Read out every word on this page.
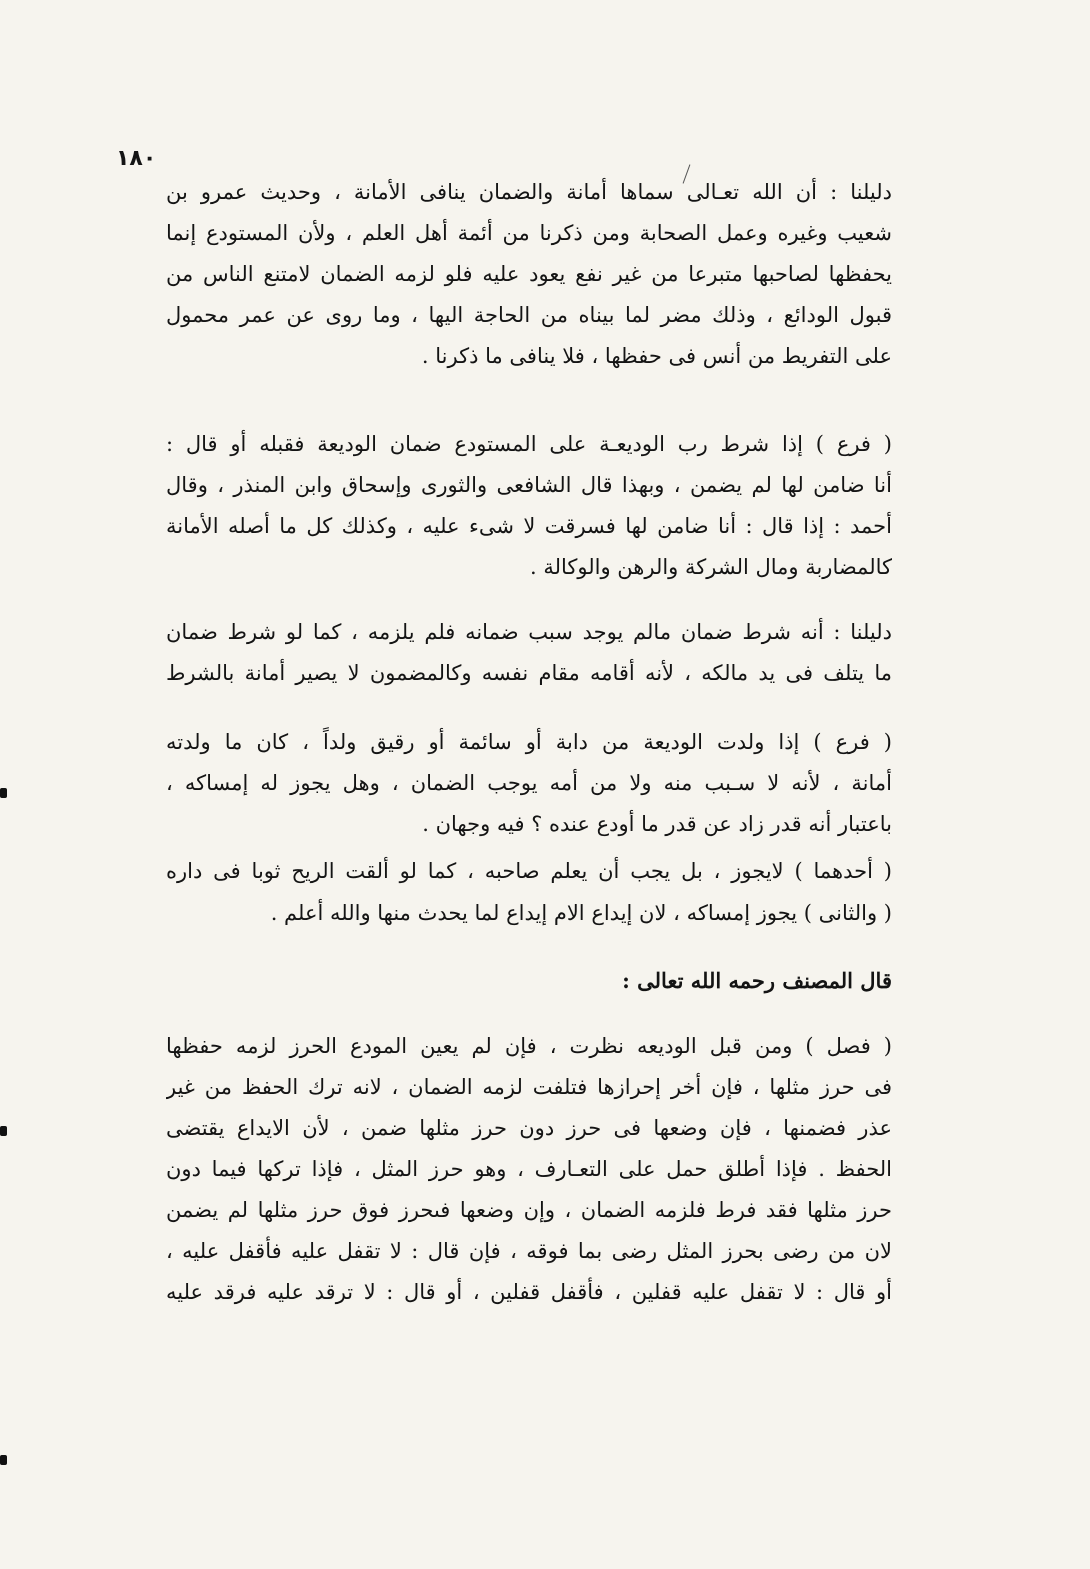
١٨٠
دليلنا : أن الله تعـالى سماها أمانة والضمان ينافى الأمانة ، وحديث عمرو بن
شعيب وغيره وعمل الصحابة ومن ذكرنا من أئمة أهل العلم ، ولأن المستودع إنما
يحفظها لصاحبها متبرعا من غير نفع يعود عليه فلو لزمه الضمان لامتنع الناس من
قبول الودائع ، وذلك مضر لما بيناه من الحاجة اليها ، وما روى عن عمر محمول
على التفريط من أنس فى حفظها ، فلا ينافى ما ذكرنا .
( فرع ) إذا شرط رب الوديعـة على المستودع ضمان الوديعة فقبله أو قال :
أنا ضامن لها لم يضمن ، وبهذا قال الشافعى والثورى وإسحاق وابن المنذر ، وقال
أحمد : إذا قال : أنا ضامن لها فسرقت لا شىء عليه ، وكذلك كل ما أصله الأمانة
كالمضاربة ومال الشركة والرهن والوكالة .
دليلنا : أنه شرط ضمان مالم يوجد سبب ضمانه فلم يلزمه ، كما لو شرط ضمان
ما يتلف فى يد مالكه ، لأنه أقامه مقام نفسه وكالمضمون لا يصير أمانة بالشرط
( فرع ) إذا ولدت الوديعة من دابة أو سائمة أو رقيق ولداً ، كان ما ولدته
أمانة ، لأنه لا سـبب منه ولا من أمه يوجب الضمان ، وهل يجوز له إمساكه ،
باعتبار أنه قدر زاد عن قدر ما أودع عنده ؟ فيه وجهان .
( أحدهما ) لايجوز ، بل يجب أن يعلم صاحبه ، كما لو ألقت الريح ثوبا فى داره
( والثانى ) يجوز إمساكه ، لان إيداع الام إيداع لما يحدث منها والله أعلم .
قال المصنف رحمه الله تعالى :
( فصل ) ومن قبل الوديعه نظرت ، فإن لم يعين المودع الحرز لزمه حفظها
فى حرز مثلها ، فإن أخر إحرازها فتلفت لزمه الضمان ، لانه ترك الحفظ من غير
عذر فضمنها ، فإن وضعها فى حرز دون حرز مثلها ضمن ، لأن الايداع يقتضى
الحفظ . فإذا أطلق حمل على التعـارف ، وهو حرز المثل ، فإذا تركها فيما دون
حرز مثلها فقد فرط فلزمه الضمان ، وإن وضعها فىحرز فوق حرز مثلها لم يضمن
لان من رضى بحرز المثل رضى بما فوقه ، فإن قال : لا تقفل عليه فأقفل عليه ،
أو قال : لا تقفل عليه قفلين ، فأقفل قفلين ، أو قال : لا ترقد عليه فرقد عليه
